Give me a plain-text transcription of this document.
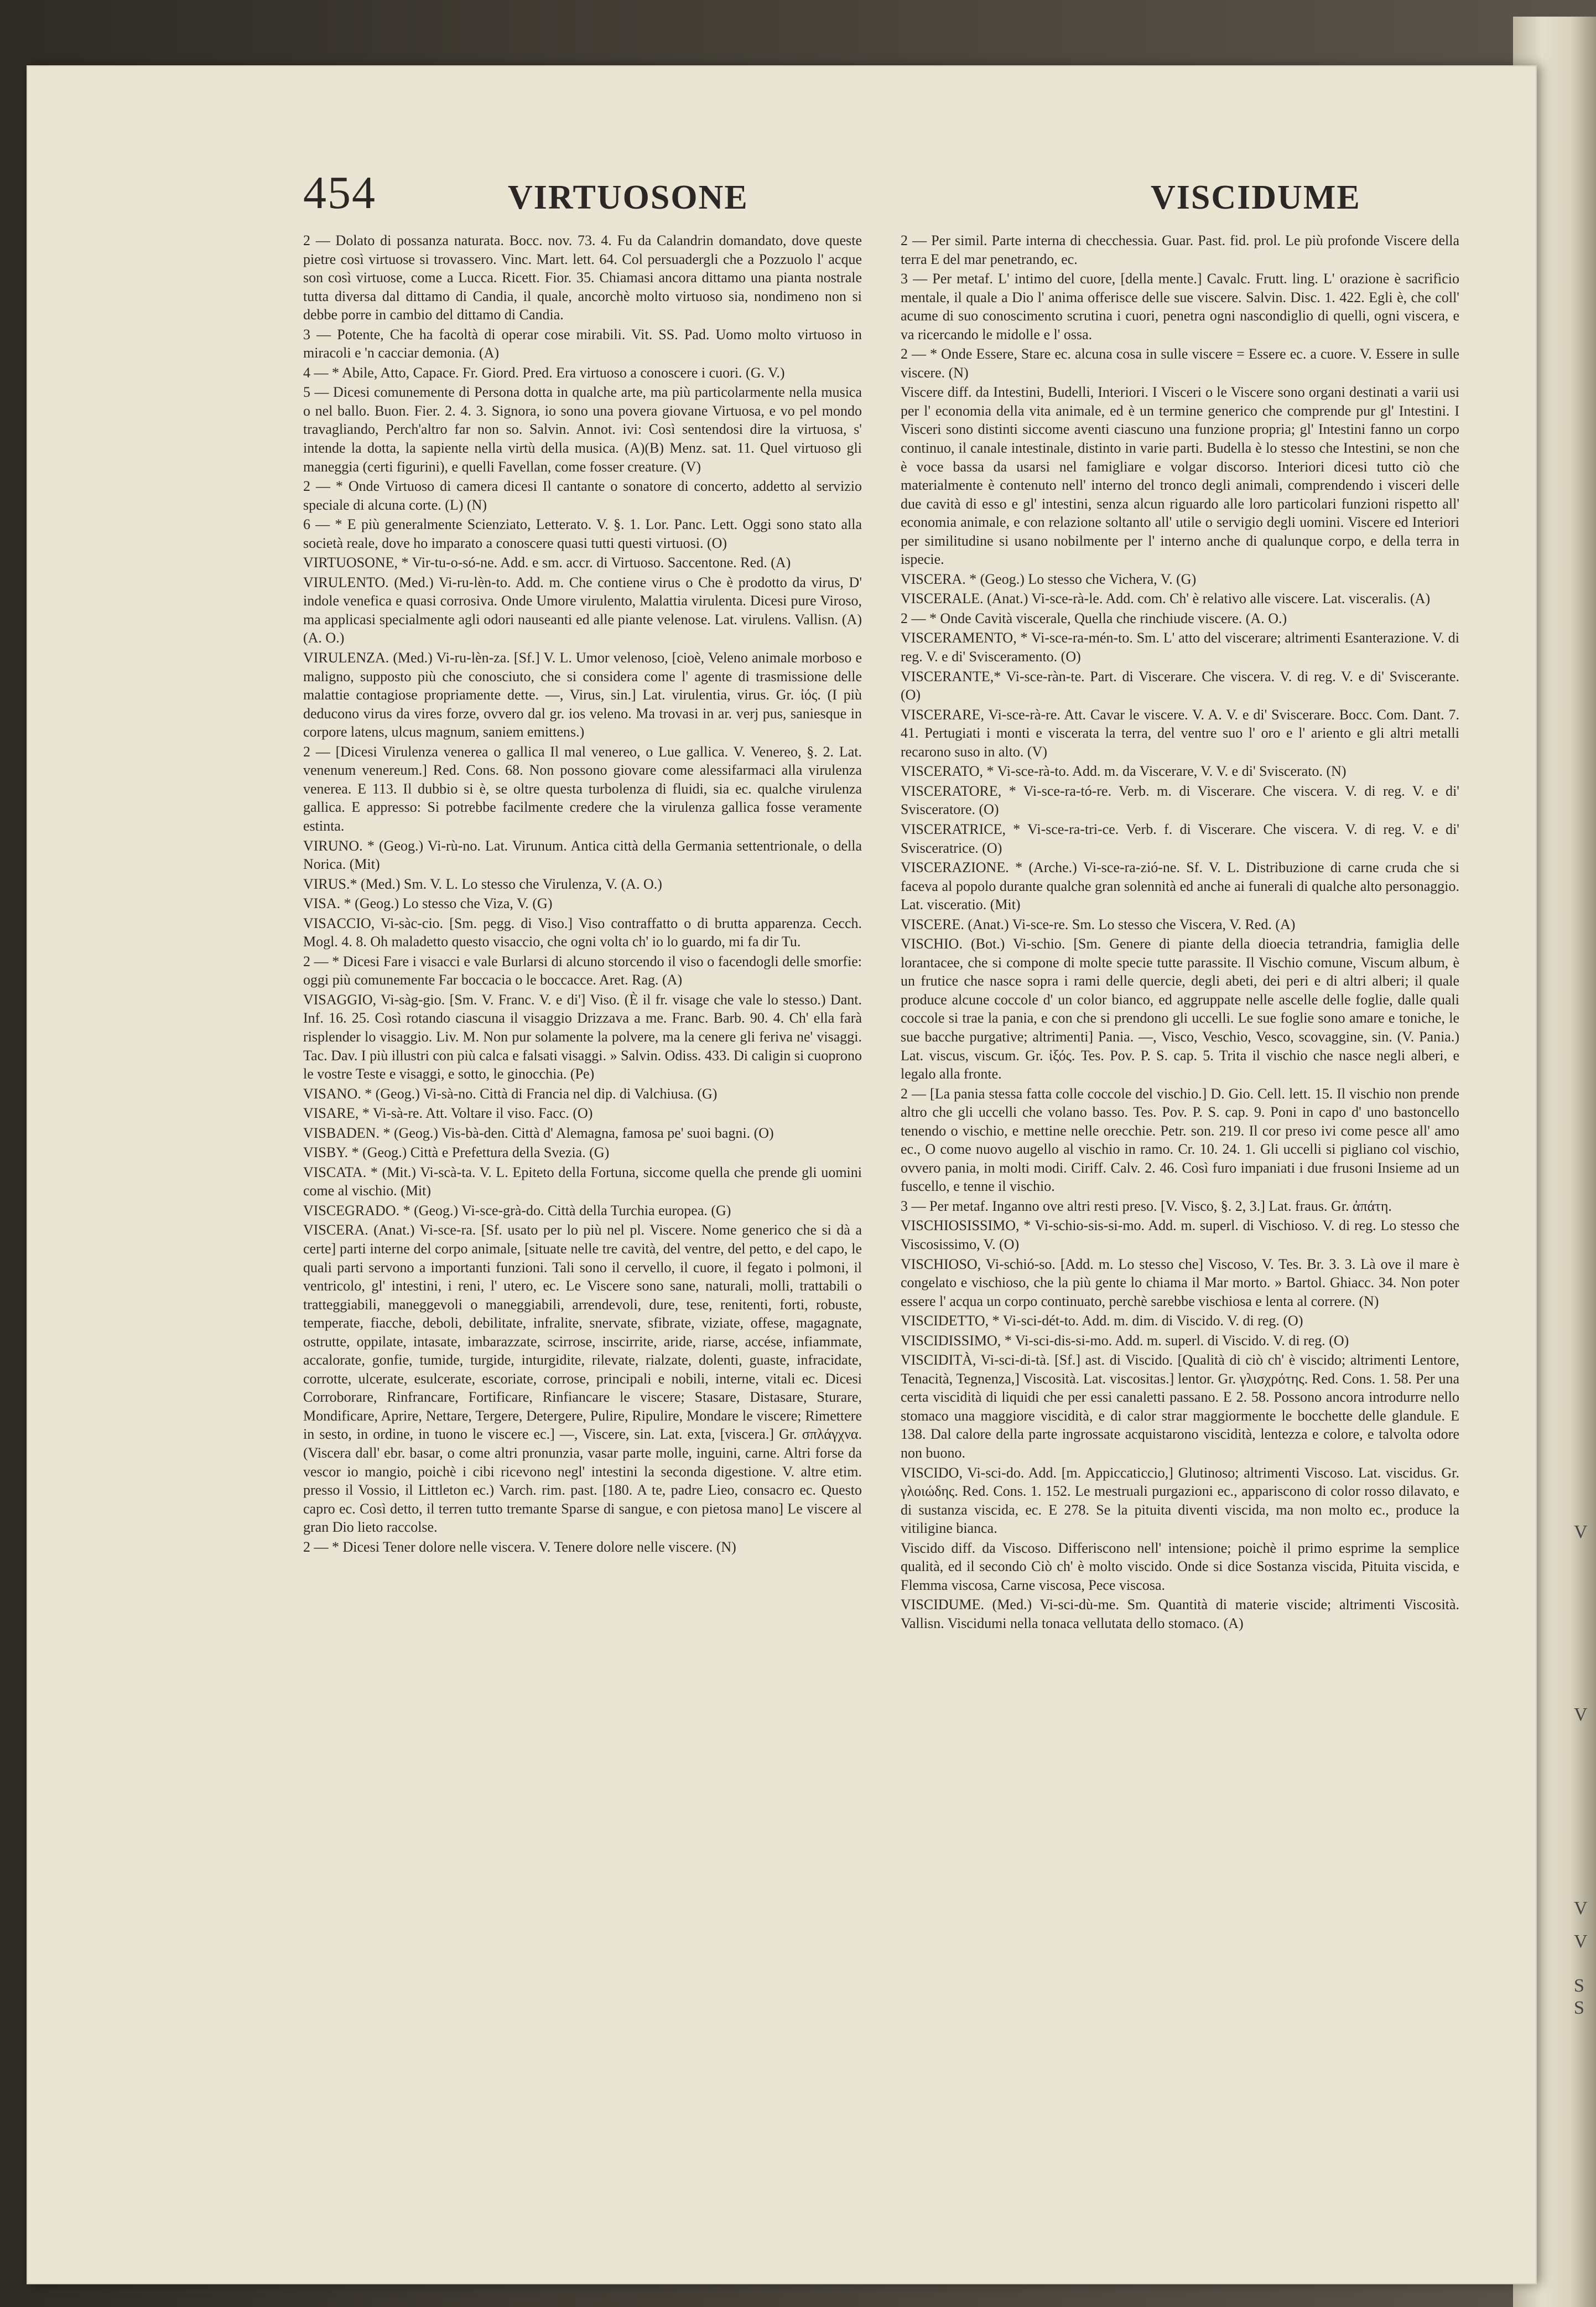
V
V
V
V
S
S
454	VIRTUOSONE	VISCIDUME

2 — Dolato di possanza naturata. Bocc. nov. 73. 4. Fu da Calandrin domandato, dove queste pietre così virtuose si trovassero. Vinc. Mart. lett. 64. Col persuadergli che a Pozzuolo l' acque son così virtuose, come a Lucca. Ricett. Fior. 35. Chiamasi ancora dittamo una pianta nostrale tutta diversa dal dittamo di Candia, il quale, ancorchè molto virtuoso sia, nondimeno non si debbe porre in cambio del dittamo di Candia.

3 — Potente, Che ha facoltà di operar cose mirabili. Vit. SS. Pad. Uomo molto virtuoso in miracoli e 'n cacciar demonia. (A)

4 — * Abile, Atto, Capace. Fr. Giord. Pred. Era virtuoso a conoscere i cuori. (G. V.)

5 — Dicesi comunemente di Persona dotta in qualche arte, ma più particolarmente nella musica o nel ballo. Buon. Fier. 2. 4. 3. Signora, io sono una povera giovane Virtuosa, e vo pel mondo travagliando, Perch'altro far non so. Salvin. Annot. ivi: Così sentendosi dire la virtuosa, s' intende la dotta, la sapiente nella virtù della musica. (A)(B) Menz. sat. 11. Quel virtuoso gli maneggia (certi figurini), e quelli Favellan, come fosser creature. (V)

2 — * Onde Virtuoso di camera dicesi Il cantante o sonatore di concerto, addetto al servizio speciale di alcuna corte. (L) (N)

6 — * E più generalmente Scienziato, Letterato. V. §. 1. Lor. Panc. Lett. Oggi sono stato alla società reale, dove ho imparato a conoscere quasi tutti questi virtuosi. (O)

VIRTUOSONE, * Vir-tu-o-só-ne. Add. e sm. accr. di Virtuoso. Saccentone. Red. (A)

VIRULENTO. (Med.) Vi-ru-lèn-to. Add. m. Che contiene virus o Che è prodotto da virus, D' indole venefica e quasi corrosiva. Onde Umore virulento, Malattia virulenta. Dicesi pure Viroso, ma applicasi specialmente agli odori nauseanti ed alle piante velenose. Lat. virulens. Vallisn. (A) (A. O.)

VIRULENZA. (Med.) Vi-ru-lèn-za. [Sf.] V. L. Umor velenoso, [cioè, Veleno animale morboso e maligno, supposto più che conosciuto, che si considera come l' agente di trasmissione delle malattie contagiose propriamente dette. —, Virus, sin.] Lat. virulentia, virus. Gr. ἰός. (I più deducono virus da vires forze, ovvero dal gr. ios veleno. Ma trovasi in ar. verj pus, saniesque in corpore latens, ulcus magnum, saniem emittens.)

2 — [Dicesi Virulenza venerea o gallica Il mal venereo, o Lue gallica. V. Venereo, §. 2. Lat. venenum venereum.] Red. Cons. 68. Non possono giovare come alessifarmaci alla virulenza venerea. E 113. Il dubbio si è, se oltre questa turbolenza di fluidi, sia ec. qualche virulenza gallica. E appresso: Si potrebbe facilmente credere che la virulenza gallica fosse veramente estinta.

VIRUNO. * (Geog.) Vi-rù-no. Lat. Virunum. Antica città della Germania settentrionale, o della Norica. (Mit)

VIRUS.* (Med.) Sm. V. L. Lo stesso che Virulenza, V. (A. O.)

VISA. * (Geog.) Lo stesso che Viza, V. (G)

VISACCIO, Vi-sàc-cio. [Sm. pegg. di Viso.] Viso contraffatto o di brutta apparenza. Cecch. Mogl. 4. 8. Oh maladetto questo visaccio, che ogni volta ch' io lo guardo, mi fa dir Tu.

2 — * Dicesi Fare i visacci e vale Burlarsi di alcuno storcendo il viso o facendogli delle smorfie: oggi più comunemente Far boccacia o le boccacce. Aret. Rag. (A)

VISAGGIO, Vi-sàg-gio. [Sm. V. Franc. V. e di'] Viso. (È il fr. visage che vale lo stesso.) Dant. Inf. 16. 25. Così rotando ciascuna il visaggio Drizzava a me. Franc. Barb. 90. 4. Ch' ella farà risplender lo visaggio. Liv. M. Non pur solamente la polvere, ma la cenere gli feriva ne' visaggi. Tac. Dav. I più illustri con più calca e falsati visaggi. » Salvin. Odiss. 433. Di caligin si cuoprono le vostre Teste e visaggi, e sotto, le ginocchia. (Pe)

VISANO. * (Geog.) Vi-sà-no. Città di Francia nel dip. di Valchiusa. (G)

VISARE, * Vi-sà-re. Att. Voltare il viso. Facc. (O)

VISBADEN. * (Geog.) Vis-bà-den. Città d' Alemagna, famosa pe' suoi bagni. (O)

VISBY. * (Geog.) Città e Prefettura della Svezia. (G)

VISCATA. * (Mit.) Vi-scà-ta. V. L. Epiteto della Fortuna, siccome quella che prende gli uomini come al vischio. (Mit)

VISCEGRADO. * (Geog.) Vi-sce-grà-do. Città della Turchia europea. (G)

VISCERA. (Anat.) Vi-sce-ra. [Sf. usato per lo più nel pl. Viscere. Nome generico che si dà a certe] parti interne del corpo animale, [situate nelle tre cavità, del ventre, del petto, e del capo, le quali parti servono a importanti funzioni. Tali sono il cervello, il cuore, il fegato i polmoni, il ventricolo, gl' intestini, i reni, l' utero, ec. Le Viscere sono sane, naturali, molli, trattabili o tratteggiabili, maneggevoli o maneggiabili, arrendevoli, dure, tese, renitenti, forti, robuste, temperate, fiacche, deboli, debilitate, infralite, snervate, sfibrate, viziate, offese, magagnate, ostrutte, oppilate, intasate, imbarazzate, scirrose, inscirrite, aride, riarse, accése, infiammate, accalorate, gonfie, tumide, turgide, inturgidite, rilevate, rialzate, dolenti, guaste, infracidate, corrotte, ulcerate, esulcerate, escoriate, corrose, principali e nobili, interne, vitali ec. Dicesi Corroborare, Rinfrancare, Fortificare, Rinfiancare le viscere; Stasare, Distasare, Sturare, Mondificare, Aprire, Nettare, Tergere, Detergere, Pulire, Ripulire, Mondare le viscere; Rimettere in sesto, in ordine, in tuono le viscere ec.] —, Viscere, sin. Lat. exta, [viscera.] Gr. σπλάγχνα. (Viscera dall' ebr. basar, o come altri pronunzia, vasar parte molle, inguini, carne. Altri forse da vescor io mangio, poichè i cibi ricevono negl' intestini la seconda digestione. V. altre etim. presso il Vossio, il Littleton ec.) Varch. rim. past. [180. A te, padre Lieo, consacro ec. Questo capro ec. Così detto, il terren tutto tremante Sparse di sangue, e con pietosa mano] Le viscere al gran Dio lieto raccolse.

2 — * Dicesi Tener dolore nelle viscera. V. Tenere dolore nelle viscere. (N)

2 — Per simil. Parte interna di checchessia. Guar. Past. fid. prol. Le più profonde Viscere della terra E del mar penetrando, ec.

3 — Per metaf. L' intimo del cuore, [della mente.] Cavalc. Frutt. ling. L' orazione è sacrifìcio mentale, il quale a Dio l' anima offerisce delle sue viscere. Salvin. Disc. 1. 422. Egli è, che coll' acume di suo conoscimento scrutina i cuori, penetra ogni nascondiglio di quelli, ogni viscera, e va ricercando le midolle e l' ossa.

2 — * Onde Essere, Stare ec. alcuna cosa in sulle viscere = Essere ec. a cuore. V. Essere in sulle viscere. (N)

Viscere diff. da Intestini, Budelli, Interiori. I Visceri o le Viscere sono organi destinati a varii usi per l' economia della vita animale, ed è un termine generico che comprende pur gl' Intestini. I Visceri sono distinti siccome aventi ciascuno una funzione propria; gl' Intestini fanno un corpo continuo, il canale intestinale, distinto in varie parti. Budella è lo stesso che Intestini, se non che è voce bassa da usarsi nel famigliare e volgar discorso. Interiori dicesi tutto ciò che materialmente è contenuto nell' interno del tronco degli animali, comprendendo i visceri delle due cavità di esso e gl' intestini, senza alcun riguardo alle loro particolari funzioni rispetto all' economia animale, e con relazione soltanto all' utile o servigio degli uomini. Viscere ed Interiori per similitudine si usano nobilmente per l' interno anche di qualunque corpo, e della terra in ispecie.

VISCERA. * (Geog.) Lo stesso che Vichera, V. (G)

VISCERALE. (Anat.) Vi-sce-rà-le. Add. com. Ch' è relativo alle viscere. Lat. visceralis. (A)

2 — * Onde Cavità viscerale, Quella che rinchiude viscere. (A. O.)

VISCERAMENTO, * Vi-sce-ra-mén-to. Sm. L' atto del viscerare; altrimenti Esanterazione. V. di reg. V. e di' Svisceramento. (O)

VISCERANTE,* Vi-sce-ràn-te. Part. di Viscerare. Che viscera. V. di reg. V. e di' Sviscerante. (O)

VISCERARE, Vi-sce-rà-re. Att. Cavar le viscere. V. A. V. e di' Sviscerare. Bocc. Com. Dant. 7. 41. Pertugiati i monti e viscerata la terra, del ventre suo l' oro e l' ariento e gli altri metalli recarono suso in alto. (V)

VISCERATO, * Vi-sce-rà-to. Add. m. da Viscerare, V. V. e di' Sviscerato. (N)

VISCERATORE, * Vi-sce-ra-tó-re. Verb. m. di Viscerare. Che viscera. V. di reg. V. e di' Svisceratore. (O)

VISCERATRICE, * Vi-sce-ra-tri-ce. Verb. f. di Viscerare. Che viscera. V. di reg. V. e di' Svisceratrice. (O)

VISCERAZIONE. * (Arche.) Vi-sce-ra-zió-ne. Sf. V. L. Distribuzione di carne cruda che si faceva al popolo durante qualche gran solennità ed anche ai funerali di qualche alto personaggio. Lat. visceratio. (Mit)

VISCERE. (Anat.) Vi-sce-re. Sm. Lo stesso che Viscera, V. Red. (A)

VISCHIO. (Bot.) Vi-schio. [Sm. Genere di piante della dioecia tetrandria, famiglia delle lorantacee, che si compone di molte specie tutte parassite. Il Vischio comune, Viscum album, è un frutice che nasce sopra i rami delle quercie, degli abeti, dei peri e di altri alberi; il quale produce alcune coccole d' un color bianco, ed aggruppate nelle ascelle delle foglie, dalle quali coccole si trae la pania, e con che si prendono gli uccelli. Le sue foglie sono amare e toniche, le sue bacche purgative; altrimenti] Pania. —, Visco, Veschio, Vesco, scovaggine, sin. (V. Pania.) Lat. viscus, viscum. Gr. ἰξός. Tes. Pov. P. S. cap. 5. Trita il vischio che nasce negli alberi, e legalo alla fronte.

2 — [La pania stessa fatta colle coccole del vischio.] D. Gio. Cell. lett. 15. Il vischio non prende altro che gli uccelli che volano basso. Tes. Pov. P. S. cap. 9. Poni in capo d' uno bastoncello tenendo o vischio, e mettine nelle orecchie. Petr. son. 219. Il cor preso ivi come pesce all' amo ec., O come nuovo augello al vischio in ramo. Cr. 10. 24. 1. Gli uccelli si pigliano col vischio, ovvero pania, in molti modi. Ciriff. Calv. 2. 46. Così furo impaniati i due frusoni Insieme ad un fuscello, e tenne il vischio.

3 — Per metaf. Inganno ove altri resti preso. [V. Visco, §. 2, 3.] Lat. fraus. Gr. ἀπάτη.

VISCHIOSISSIMO, * Vi-schio-sis-si-mo. Add. m. superl. di Vischioso. V. di reg. Lo stesso che Viscosissimo, V. (O)

VISCHIOSO, Vi-schió-so. [Add. m. Lo stesso che] Viscoso, V. Tes. Br. 3. 3. Là ove il mare è congelato e vischioso, che la più gente lo chiama il Mar morto. » Bartol. Ghiacc. 34. Non poter essere l' acqua un corpo continuato, perchè sarebbe vischiosa e lenta al correre. (N)

VISCIDETTO, * Vi-sci-dét-to. Add. m. dim. di Viscido. V. di reg. (O)

VISCIDISSIMO, * Vi-sci-dis-si-mo. Add. m. superl. di Viscido. V. di reg. (O)

VISCIDITÀ, Vi-sci-di-tà. [Sf.] ast. di Viscido. [Qualità di ciò ch' è viscido; altrimenti Lentore, Tenacità, Tegnenza,] Viscosità. Lat. viscositas.] lentor. Gr. γλισχρότης. Red. Cons. 1. 58. Per una certa viscidità di liquidi che per essi canaletti passano. E 2. 58. Possono ancora introdurre nello stomaco una maggiore viscidità, e di calor strar maggiormente le bocchette delle glandule. E 138. Dal calore della parte ingrossate acquistarono viscidità, lentezza e colore, e talvolta odore non buono.

VISCIDO, Vi-sci-do. Add. [m. Appiccaticcio,] Glutinoso; altrimenti Viscoso. Lat. viscidus. Gr. γλοιώδης. Red. Cons. 1. 152. Le mestruali purgazioni ec., apparisconо di color rosso dilavato, e di sustanza viscida, ec. E 278. Se la pituita diventi viscida, ma non molto ec., produce la vitiligine bianca.

Viscido diff. da Viscoso. Differiscono nell' intensione; poichè il primo esprime la semplice qualità, ed il secondo Ciò ch' è molto viscido. Onde si dice Sostanza viscida, Pituita viscida, e Flemma viscosa, Carne viscosa, Pece viscosa.

VISCIDUME. (Med.) Vi-sci-dù-me. Sm. Quantità di materie viscide; altrimenti Viscosità. Vallisn. Viscidumi nella tonaca vellutata dello stomaco. (A)
